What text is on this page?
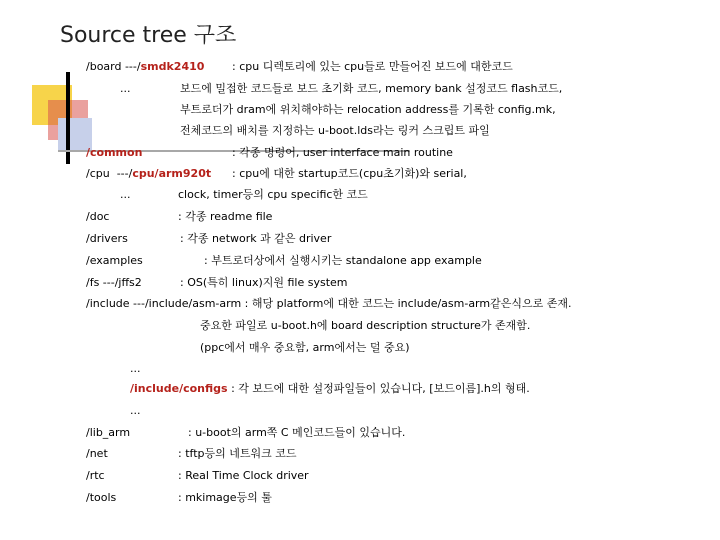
Source tree 구조
/board ---/smdk2410	: cpu 디렉토리에 있는 cpu들로 만들어진 보드에 대한코드
...	보드에 밀접한 코드들로 보드 초기화 코드, memory bank 설정코드 flash코드,
부트로더가 dram에 위치해야하는 relocation address를 기록한 config.mk,
전체코드의 배치를 지정하는 u-boot.lds라는 링커 스크립트 파일
/common	: 각종 명령어, user interface main routine
/cpu  ---/cpu/arm920t : cpu에 대한 startup코드(cpu초기화)와 serial,
...	clock, timer등의 cpu specific한 코드
/doc	: 각종 readme file
/drivers	: 각종 network 과 같은 driver
/examples	: 부트로더상에서 실행시키는 standalone app example
/fs ---/jffs2	: OS(특히 linux)지원 file system
/include ---/include/asm-arm : 해당 platform에 대한 코드는 include/asm-arm같은식으로 존재.
중요한 파일로 u-boot.h에 board description structure가 존재함.
(ppc에서 매우 중요함, arm에서는 덜 중요)
...
/include/configs : 각 보드에 대한 설정파일들이 있습니다, [보드이름].h의 형태.
...
/lib_arm	: u-boot의 arm쪽 C 메인코드들이 있습니다.
/net	: tftp등의 네트워크 코드
/rtc	: Real Time Clock driver
/tools	: mkimage등의 툴
